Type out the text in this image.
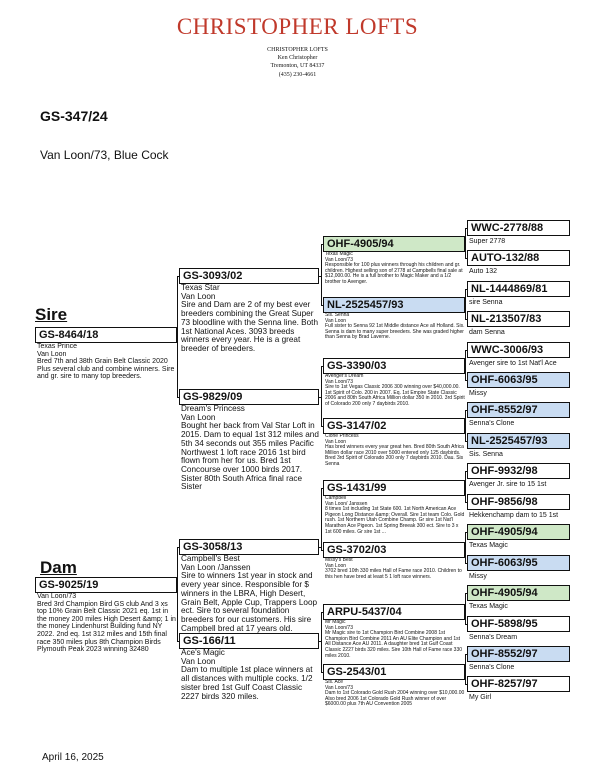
CHRISTOPHER LOFTS
CHRISTOPHER LOFTS
Ken Christopher
Tremonton, UT 84337
(435) 230-4661
GS-347/24
Van Loon/73, Blue Cock
Sire
Dam
GS-8464/18
Texas Prince
Van Loon
Bred 7th and 38th Grain Belt Classic 2020 Plus several club and combine winners. Sire and gr. sire to many top breeders.
GS-9025/19
Van Loon/73
Bred 3rd Champion Bird GS club And 3 xs top 10% Grain Belt Classic 2021 eq. 1st in the money 200 miles High Desert &amp; 1 in the money Lindenhurst Building fund NY 2022. 2nd eq. 1st 312 miles and 15th final race 350 miles plus 8th Champion Birds Plymouth Peak 2023 winning 32480
GS-3093/02
Texas Star
Van Loon
Sire and Dam are 2 of my best ever breeders combining the Great Super 73 bloodline with the Senna line. Both 1st National Aces. 3093 breeds winners every year. He is a great breeder of breeders.
GS-9829/09
Dream's Princess
Van Loon
Bought her back from Val Star Loft in 2015. Dam to equal 1st 312 miles and 5th 34 seconds out 355 miles Pacific Northwest 1 loft race 2016 1st bird flown from her for us. Bred 1st Concourse over 1000 birds 2017. Sister 80th South Africa final race Sister
GS-3058/13
Campbell's Best
Van Loon /Janssen
Sire to winners 1st year in stock and every year since. Responsible for $ winners in the LBRA, High Desert, Grain Belt, Apple Cup, Trappers Loop ect. Sire to several foundation breeders for our customers. His sire Campbell bred at 17 years old.
GS-166/11
Ace's Magic
Van Loon
Dam to multiple 1st place winners at all distances with multiple cocks. 1/2 sister bred 1st Gulf Coast Classic 2227 birds 320 miles.
OHF-4905/94
Texas Magic
Van Loon/73
Responsible for 100 plus winners through his children and gr. children. Highest selling son of 2778 at Campbells final sale at $12,000.00. He is a full brother to Magic Maker and a 1/2 brother to Avenger.
NL-2525457/93
Sis. Senna
Van Loon
Full sister to Senna 92 1st Middle distance Ace all Holland. Sis. Senna is dam to many super breeders. She was graded higher than Senna by Brad Laverne.
GS-3390/03
Avenger's Dream
Van Loon/73
Sire to 1st Vegas Classic 2006 300 winning over $40,000.00. 1st Spirit of Colo. 200 in 2007. Eq. 1st Empire State Classic 2006 and 80th South Africa Million dollar 350 in 2010. 3rd Spirit of Colorado 200 only 7 daybirds 2010.
GS-3147/02
Clone Princess
Van Loon
Has bred winners every year great hen. Bred 80th South Africa Million dollar race 2010 over 5000 entered only 125 daybirds. Bred 3rd Spirit of Colorado 200 only 7 daybirds 2010. Dau. Sis Senna
GS-1431/99
Campbell
Van Loon/ Janssen
8 times 1st including 1st State 600. 1st North American Ace Pigeon Long Distance &amp; Overall. Sire 1st team Colo. Gold rush. 1st Northern Utah Combine Champ. Gr sire 1st Nat'l Marathon Ace Pigeon. 1st Spring Breeak 300 ect. Sire to 3 x 1st 600 miles. Gr sire 1st ...
GS-3702/03
Missy's Best
Van Loon
3702 bred 10th 330 miles Hall of Fame race 2010. Children to this hen have bred at least 5 1 loft race winners.
ARPU-5437/04
Mr Magic
Van Loon/73
Mr Magic sire to 1st Champion Bird Combine 2008 1st Champion Bird Combine 2011 An AU Elite Champion and 1st All Distance Ace AU 2011. A daughter bred 1st Gulf Coast Classic 2227 birds 320 miles. Sire 10th Hall of Fame race 330 miles 2010.
GS-2543/01
Sis. Ace
Van Loon/73
Dam to 1st Colorado Gold Rush 2004 winning over $10,000.00 Also bred 2006 1st Colorado Gold Rush winner of over $6000.00 plus 7th AU Convention 2005
WWC-2778/88
Super 2778
AUTO-132/88
Auto 132
NL-1444869/81
sire Senna
NL-213507/83
dam Senna
WWC-3006/93
Avenger sire to 1st Nat'l Ace
OHF-6063/95
Missy
OHF-8552/97
Senna's Clone
NL-2525457/93
Sis. Senna
OHF-9932/98
Avenger Jr. sire to 15 1st
OHF-9856/98
Hekkenchamp dam to 15 1st
OHF-4905/94
Texas Magic
OHF-6063/95
Missy
OHF-4905/94
Texas Magic
OHF-5898/95
Senna's Dream
OHF-8552/97
Senna's Clone
OHF-8257/97
My Girl
April 16, 2025
